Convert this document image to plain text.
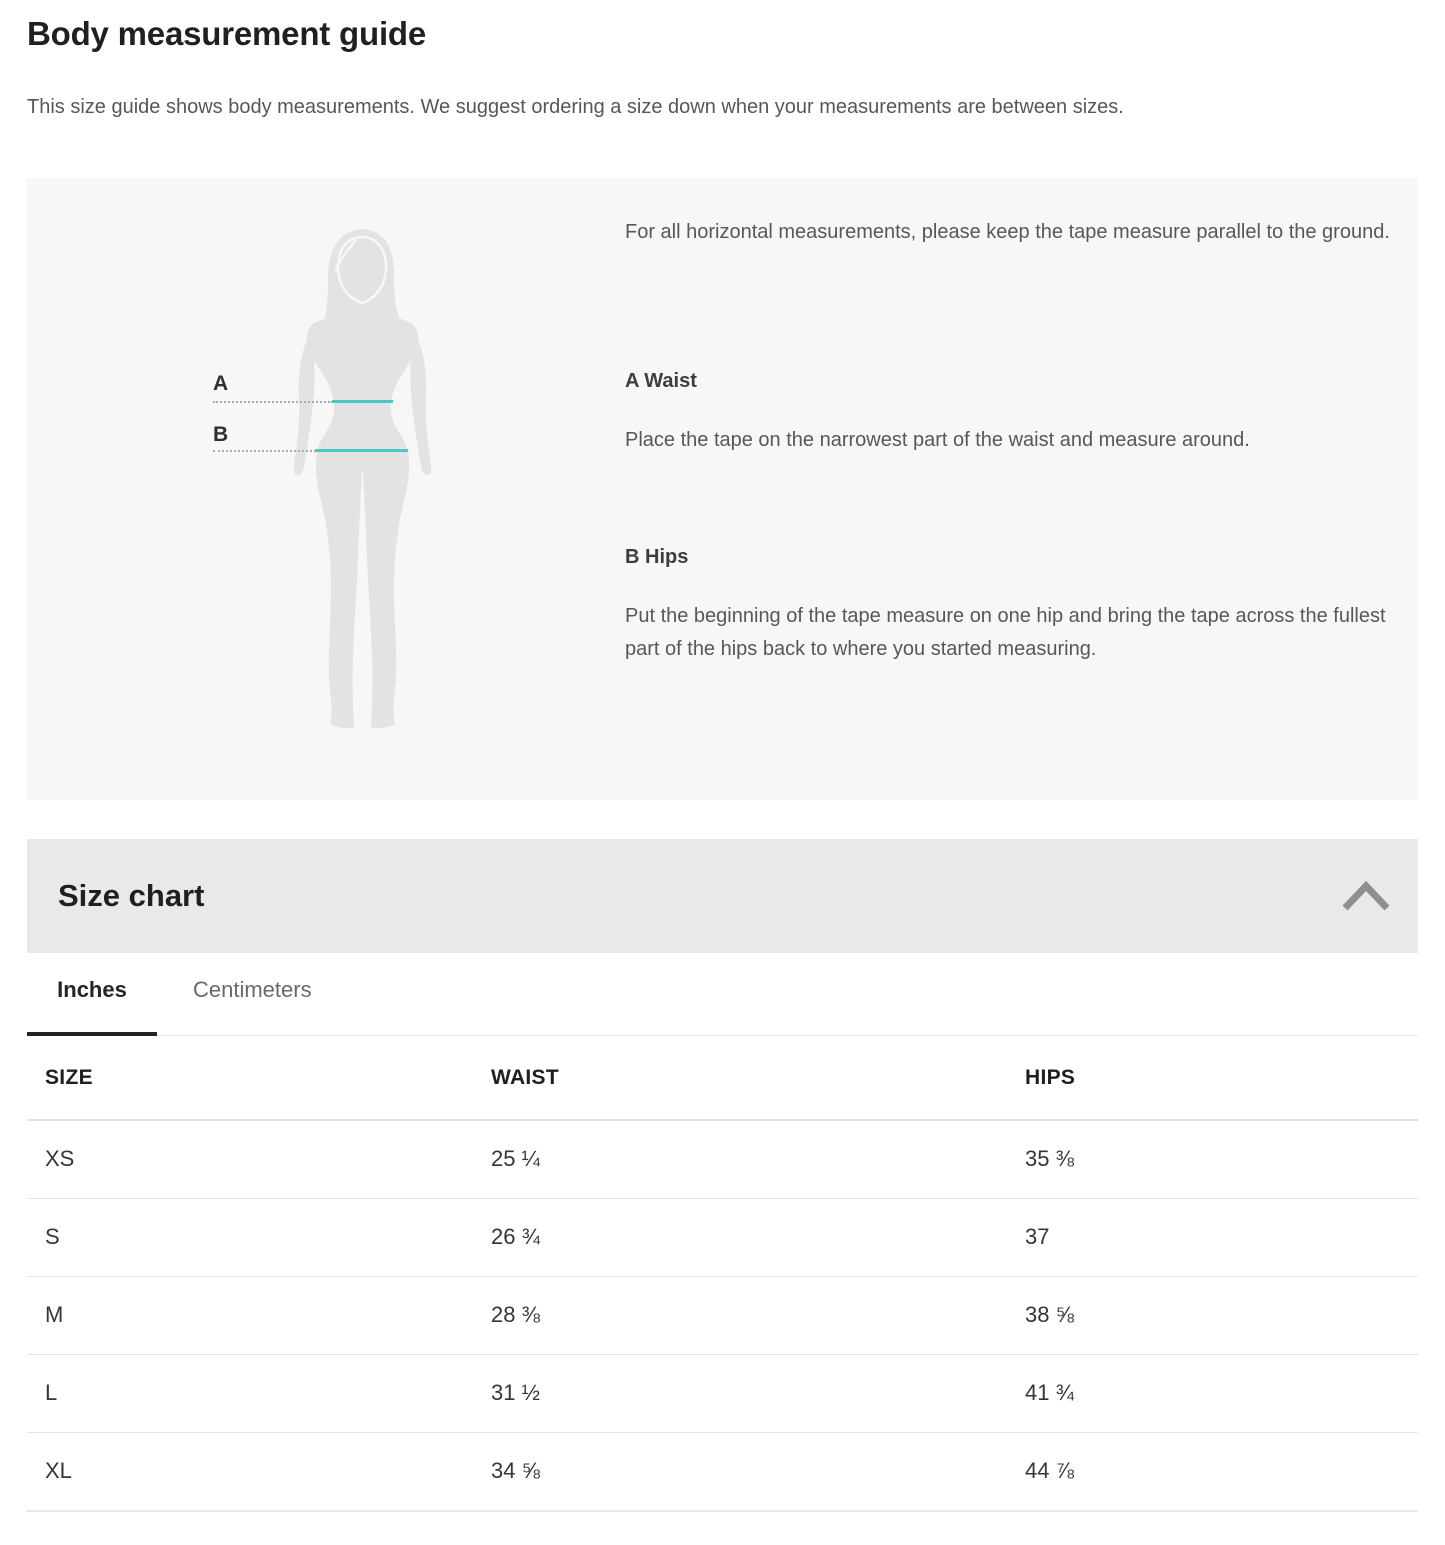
Body measurement guide

This size guide shows body measurements. We suggest ordering a size down when your measurements are between sizes.

A
B

For all horizontal measurements, please keep the tape measure parallel to the ground.

A Waist

Place the tape on the narrowest part of the waist and measure around.

B Hips

Put the beginning of the tape measure on one hip and bring the tape across the fullest part of the hips back to where you started measuring.

Size chart
Inches	Centimeters
SIZE	WAIST	HIPS
XS	25 ¼	35 ⅜
S	26 ¾	37
M	28 ⅜	38 ⅝
L	31 ½	41 ¾
XL	34 ⅝	44 ⅞
